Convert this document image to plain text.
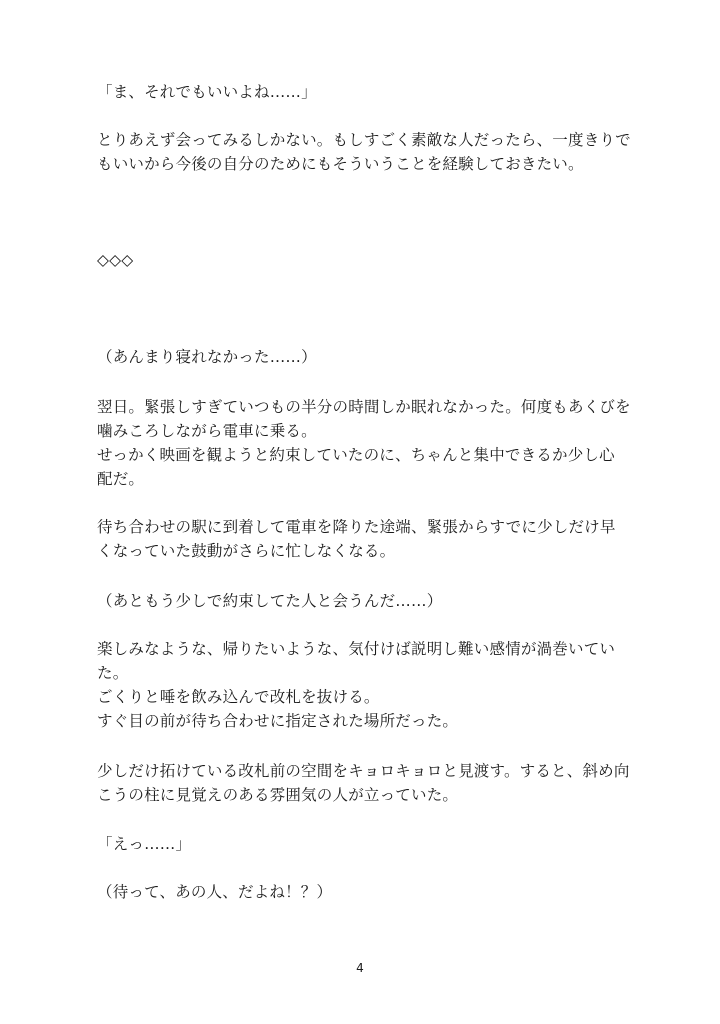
「ま、それでもいいよね……」

とりあえず会ってみるしかない。もしすごく素敵な人だったら、一度きりで

もいいから今後の自分のためにもそういうことを経験しておきたい。

◇◇◇

（あんまり寝れなかった……）

翌日。緊張しすぎていつもの半分の時間しか眠れなかった。何度もあくびを

噛みころしながら電車に乗る。

せっかく映画を観ようと約束していたのに、ちゃんと集中できるか少し心

配だ。

待ち合わせの駅に到着して電車を降りた途端、緊張からすでに少しだけ早

くなっていた鼓動がさらに忙しなくなる。

（あともう少しで約束してた人と会うんだ……）

楽しみなような、帰りたいような、気付けば説明し難い感情が渦巻いてい

た。

ごくりと唾を飲み込んで改札を抜ける。

すぐ目の前が待ち合わせに指定された場所だった。

少しだけ拓けている改札前の空間をキョロキョロと見渡す。すると、斜め向

こうの柱に見覚えのある雰囲気の人が立っていた。

「えっ……」

（待って、あの人、だよね！？）

4
